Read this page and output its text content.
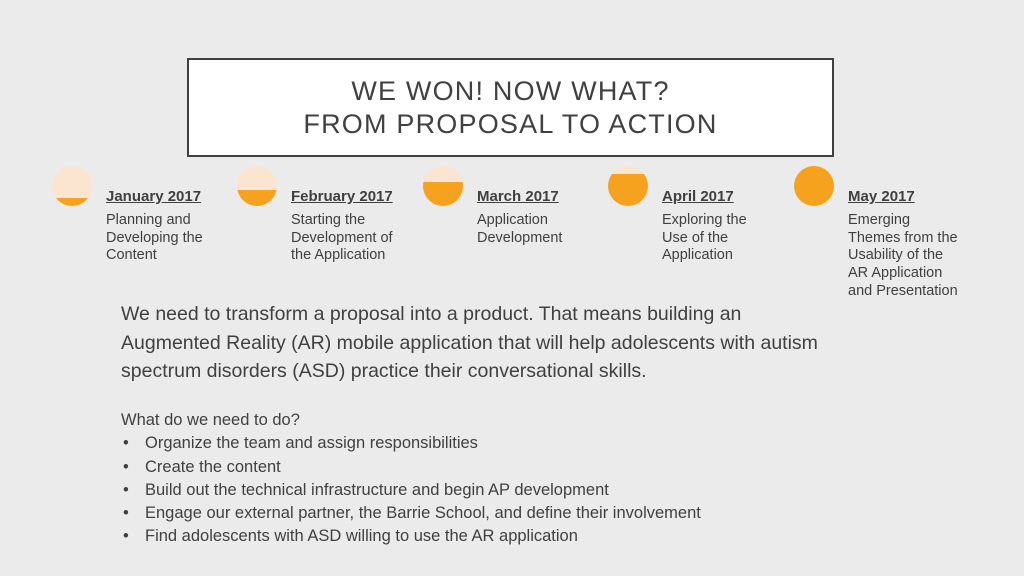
WE WON! NOW WHAT?
FROM PROPOSAL TO ACTION
January 2017
Planning and Developing the Content
February 2017
Starting the Development of the Application
March 2017
Application Development
April 2017
Exploring the Use of the Application
May 2017
Emerging Themes from the Usability of the AR Application and Presentation
We need to transform a proposal into a product. That means building an Augmented Reality (AR) mobile application that will help adolescents with autism spectrum disorders (ASD) practice their conversational skills.
What do we need to do?
• Organize the team and assign responsibilities
• Create the content
• Build out the technical infrastructure and begin AP development
• Engage our external partner, the Barrie School, and define their involvement
• Find adolescents with ASD willing to use the AR application
